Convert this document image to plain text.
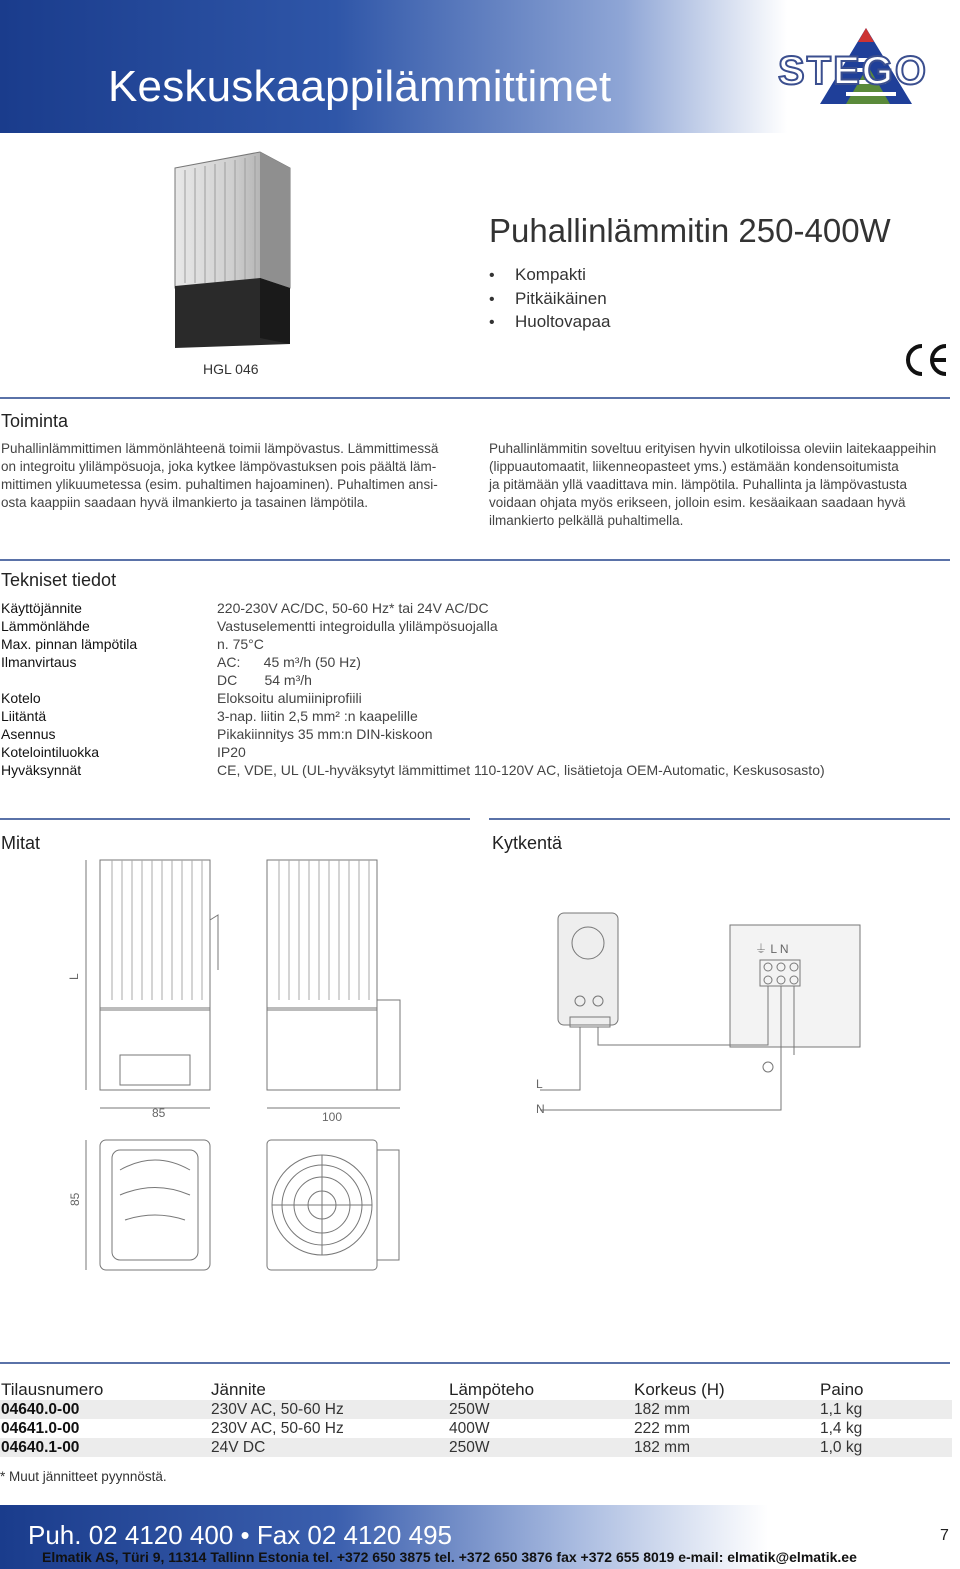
Keskuskaappilämmittimet	STEGO
HGL 046
Puhallinlämmitin 250-400W
• Kompakti
• Pitkäikäinen
• Huoltovapaa
Toiminta
Puhallinlämmittimen lämmönlähteenä toimii lämpövastus. Lämmittimessä
on integroitu ylilämpösuoja, joka kytkee lämpövastuksen pois päältä läm-
mittimen ylikuumetessa (esim. puhaltimen hajoaminen). Puhaltimen ansi-
osta kaappiin saadaan hyvä ilmankierto ja tasainen lämpötila.
Puhallinlämmitin soveltuu erityisen hyvin ulkotiloissa oleviin laitekaappeihin
(lippuautomaatit, liikenneopasteet yms.) estämään kondensoitumista
ja pitämään yllä vaadittava min. lämpötila. Puhallinta ja lämpövastusta
voidaan ohjata myös erikseen, jolloin esim. kesäaikaan saadaan hyvä
ilmankierto pelkällä puhaltimella.
Tekniset tiedot
Käyttöjännite	220-230V AC/DC, 50-60 Hz* tai 24V AC/DC
Lämmönlähde	Vastuselementti integroidulla ylilämpösuojalla
Max. pinnan lämpötila	n. 75°C
Ilmanvirtaus	AC:      45 m³/h (50 Hz)
DC       54 m³/h
Kotelo	Eloksoitu alumiiniprofiili
Liitäntä	3-nap. liitin 2,5 mm² :n kaapelille
Asennus	Pikakiinnitys 35 mm:n DIN-kiskoon
Kotelointiluokka	IP20
Hyväksynnät	CE, VDE, UL (UL-hyväksytyt lämmittimet 110-120V AC, lisätietoja OEM-Automatic, Keskusosasto)
Mitat	Kytkentä
L
85	100
85
⏚ L N
L
N
Tilausnumero	Jännite	Lämpöteho	Korkeus (H)	Paino
04640.0-00	230V AC, 50-60 Hz	250W	182 mm	1,1 kg
04641.0-00	230V AC, 50-60 Hz	400W	222 mm	1,4 kg
04640.1-00	24V DC	250W	182 mm	1,0 kg
* Muut jännitteet pyynnöstä.
Puh. 02 4120 400 • Fax 02 4120 495	7
Elmatik AS, Türi 9, 11314 Tallinn Estonia tel. +372 650 3875 tel. +372 650 3876 fax +372 655 8019 e-mail: elmatik@elmatik.ee
